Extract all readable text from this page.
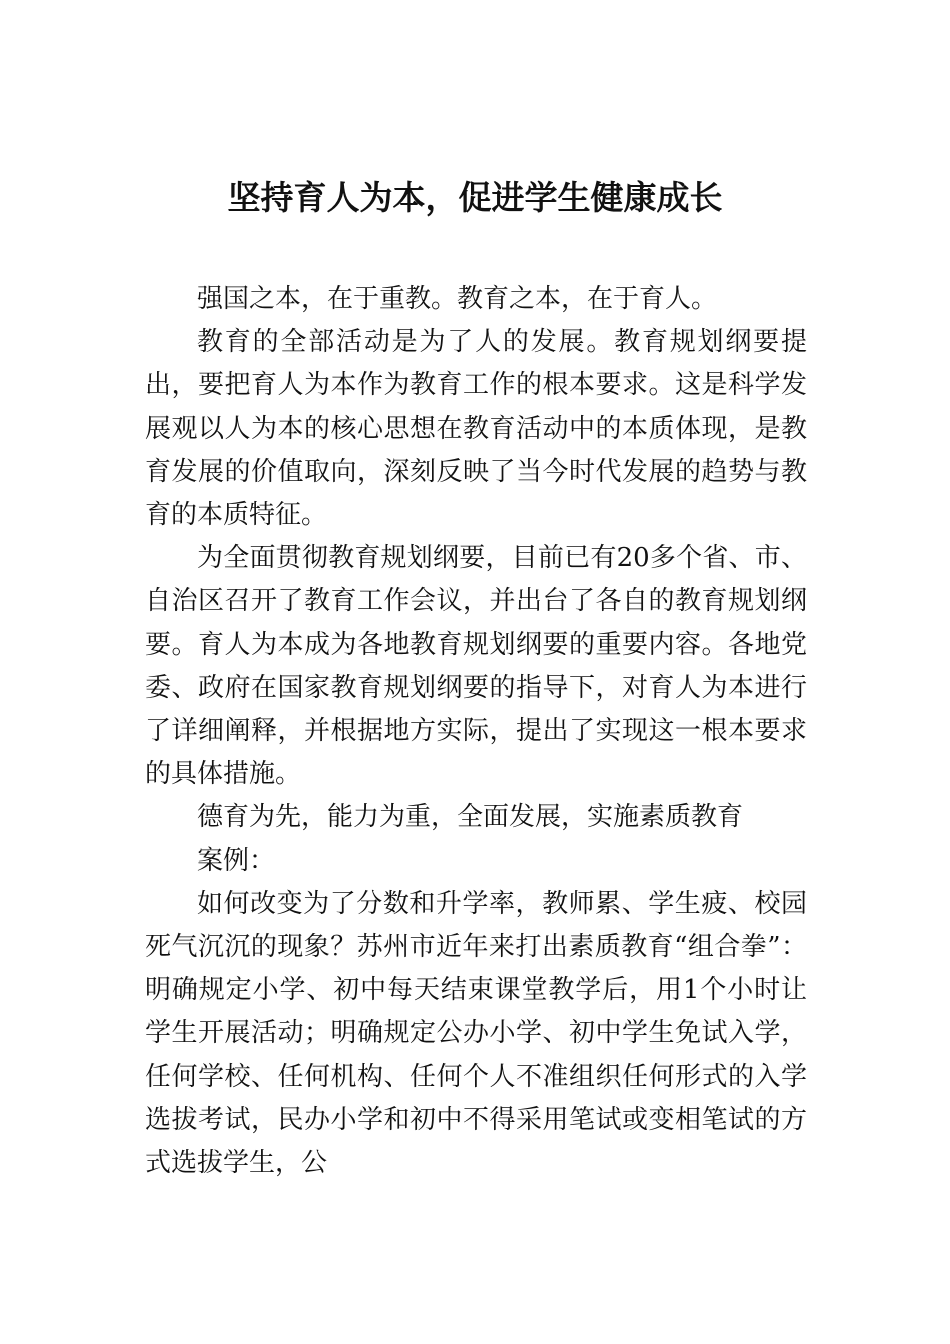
坚持育人为本，促进学生健康成长

强国之本，在于重教。教育之本，在于育人。

教育的全部活动是为了人的发展。教育规划纲要提出，要把育人为本作为教育工作的根本要求。这是科学发展观以人为本的核心思想在教育活动中的本质体现，是教育发展的价值取向，深刻反映了当今时代发展的趋势与教育的本质特征。

为全面贯彻教育规划纲要，目前已有20多个省、市、自治区召开了教育工作会议，并出台了各自的教育规划纲要。育人为本成为各地教育规划纲要的重要内容。各地党委、政府在国家教育规划纲要的指导下，对育人为本进行了详细阐释，并根据地方实际，提出了实现这一根本要求的具体措施。

德育为先，能力为重，全面发展，实施素质教育

案例：

如何改变为了分数和升学率，教师累、学生疲、校园死气沉沉的现象？苏州市近年来打出素质教育“组合拳”：明确规定小学、初中每天结束课堂教学后，用1个小时让学生开展活动；明确规定公办小学、初中学生免试入学，任何学校、任何机构、任何个人不准组织任何形式的入学选拔考试，民办小学和初中不得采用笔试或变相笔试的方式选拔学生，公
